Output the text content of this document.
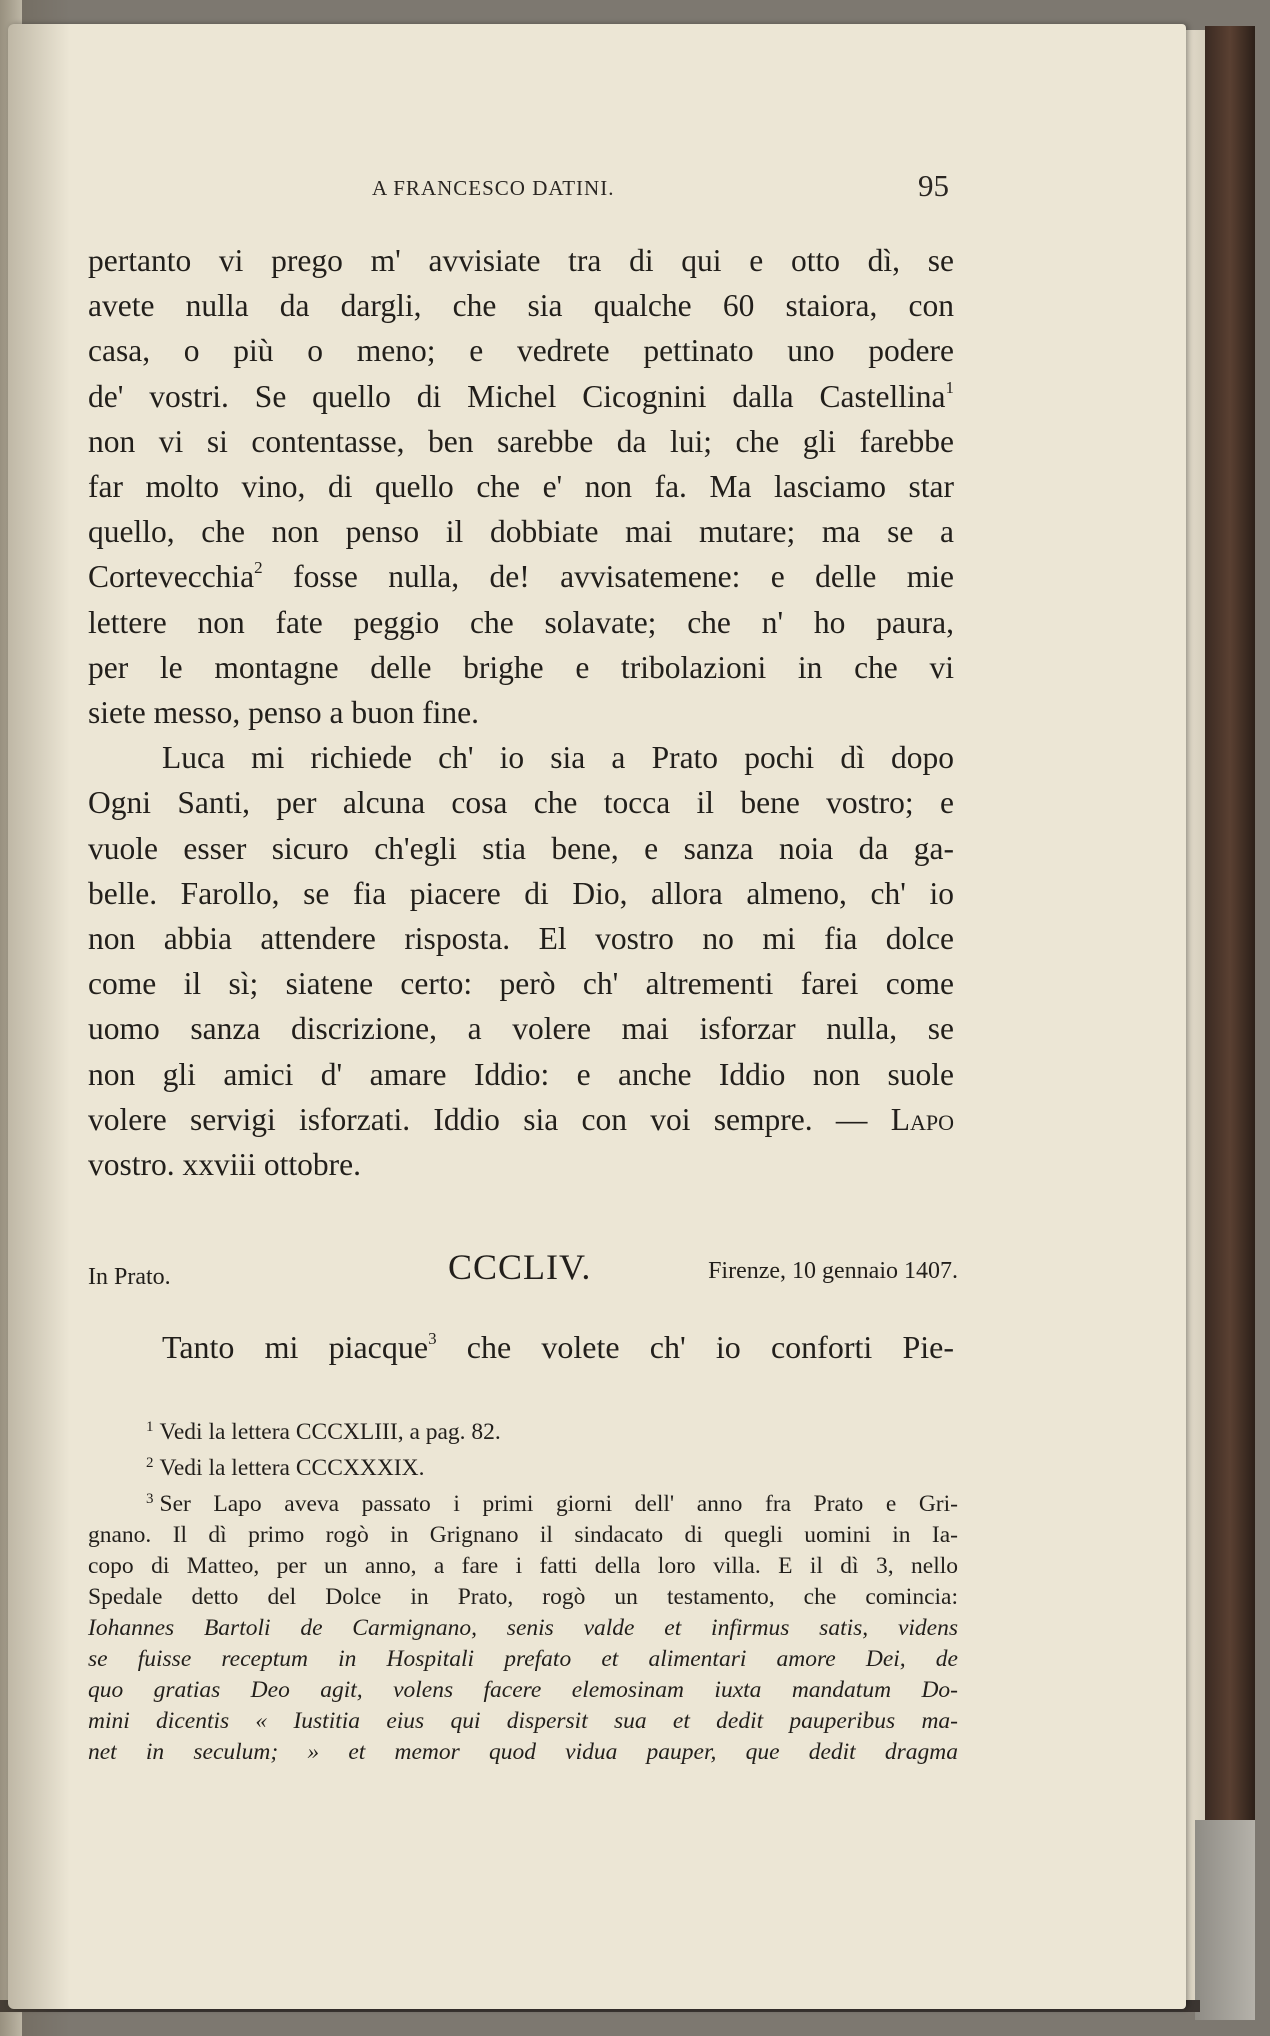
A FRANCESCO DATINI.	95
pertanto vi prego m' avvisiate tra di qui e otto dì, se
avete nulla da dargli, che sia qualche 60 staiora, con
casa, o più o meno; e vedrete pettinato uno podere
de' vostri. Se quello di Michel Cicognini dalla Castellina$^1$
non vi si contentasse, ben sarebbe da lui; che gli farebbe
far molto vino, di quello che e' non fa. Ma lasciamo star
quello, che non penso il dobbiate mai mutare; ma se a
Cortevecchia$^2$ fosse nulla, de! avvisatemene: e delle mie
lettere non fate peggio che solavate; che n' ho paura,
per le montagne delle brighe e tribolazioni in che vi
siete messo, penso a buon fine.
Luca mi richiede ch' io sia a Prato pochi dì dopo
Ogni Santi, per alcuna cosa che tocca il bene vostro; e
vuole esser sicuro ch'egli stia bene, e sanza noia da ga-
belle. Farollo, se fia piacere di Dio, allora almeno, ch' io
non abbia attendere risposta. El vostro no mi fia dolce
come il sì; siatene certo: però ch' altrementi farei come
uomo sanza discrizione, a volere mai isforzar nulla, se
non gli amici d' amare Iddio: e anche Iddio non suole
volere servigi isforzati. Iddio sia con voi sempre. — Lapo
vostro. xxviii ottobre.
In Prato.	CCCLIV.	Firenze, 10 gennaio 1407.
Tanto mi piacque$^3$ che volete ch' io conforti Pie-
$^1$ Vedi la lettera CCCXLIII, a pag. 82.
$^2$ Vedi la lettera CCCXXXIX.
$^3$ Ser Lapo aveva passato i primi giorni dell' anno fra Prato e Gri-
gnano. Il dì primo rogò in Grignano il sindacato di quegli uomini in Ia-
copo di Matteo, per un anno, a fare i fatti della loro villa. E il dì 3, nello
Spedale detto del Dolce in Prato, rogò un testamento, che comincia:
Iohannes Bartoli de Carmignano, senis valde et infirmus satis, videns
se fuisse receptum in Hospitali prefato et alimentari amore Dei, de
quo gratias Deo agit, volens facere elemosinam iuxta mandatum Do-
mini dicentis « Iustitia eius qui dispersit sua et dedit pauperibus ma-
net in seculum; » et memor quod vidua pauper, que dedit dragma
